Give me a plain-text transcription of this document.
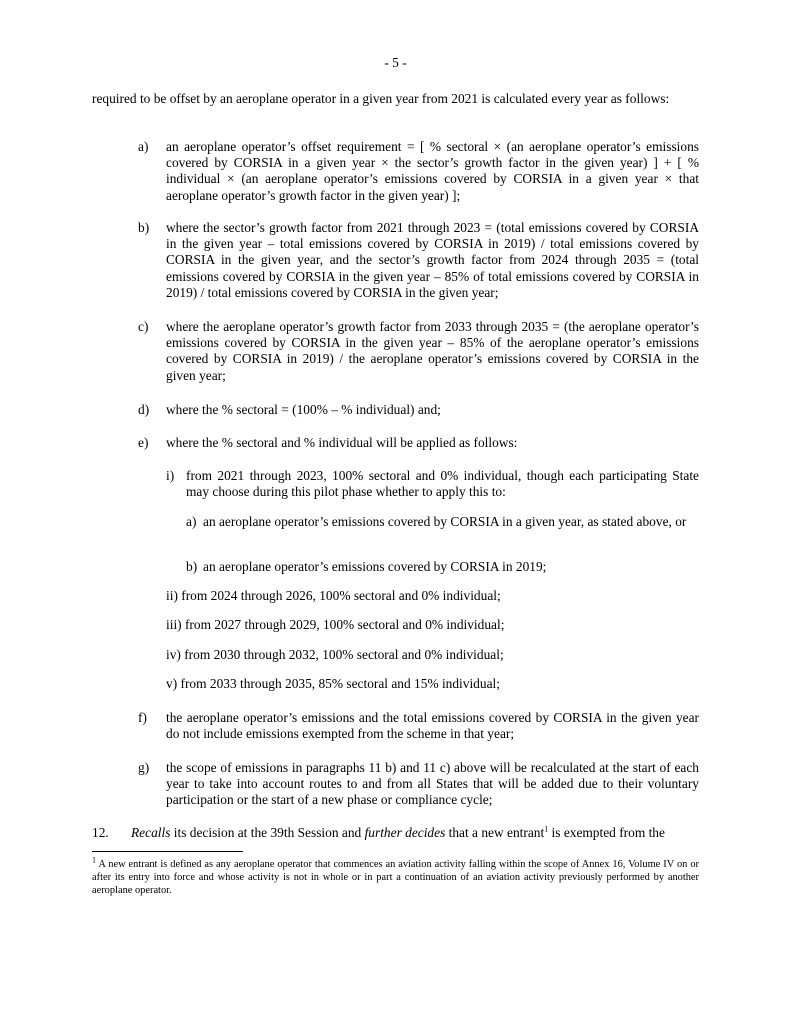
- 5 -
required to be offset by an aeroplane operator in a given year from 2021 is calculated every year as follows:
a) an aeroplane operator’s offset requirement = [ % sectoral × (an aeroplane operator’s emissions covered by CORSIA in a given year × the sector’s growth factor in the given year) ] + [ % individual × (an aeroplane operator’s emissions covered by CORSIA in a given year × that aeroplane operator’s growth factor in the given year) ];
b) where the sector’s growth factor from 2021 through 2023 = (total emissions covered by CORSIA in the given year – total emissions covered by CORSIA in 2019) / total emissions covered by CORSIA in the given year, and the sector’s growth factor from 2024 through 2035 = (total emissions covered by CORSIA in the given year – 85% of total emissions covered by CORSIA in 2019) / total emissions covered by CORSIA in the given year;
c) where the aeroplane operator’s growth factor from 2033 through 2035 = (the aeroplane operator’s emissions covered by CORSIA in the given year – 85% of the aeroplane operator’s emissions covered by CORSIA in 2019) / the aeroplane operator’s emissions covered by CORSIA in the given year;
d) where the % sectoral = (100% – % individual) and;
e) where the % sectoral and % individual will be applied as follows:
i) from 2021 through 2023, 100% sectoral and 0% individual, though each participating State may choose during this pilot phase whether to apply this to:
a) an aeroplane operator’s emissions covered by CORSIA in a given year, as stated above, or
b) an aeroplane operator’s emissions covered by CORSIA in 2019;
ii) from 2024 through 2026, 100% sectoral and 0% individual;
iii) from 2027 through 2029, 100% sectoral and 0% individual;
iv) from 2030 through 2032, 100% sectoral and 0% individual;
v) from 2033 through 2035, 85% sectoral and 15% individual;
f) the aeroplane operator’s emissions and the total emissions covered by CORSIA in the given year do not include emissions exempted from the scheme in that year;
g) the scope of emissions in paragraphs 11 b) and 11 c) above will be recalculated at the start of each year to take into account routes to and from all States that will be added due to their voluntary participation or the start of a new phase or compliance cycle;
12. Recalls its decision at the 39th Session and further decides that a new entrant$^1$ is exempted from the
$^1$ A new entrant is defined as any aeroplane operator that commences an aviation activity falling within the scope of Annex 16, Volume IV on or after its entry into force and whose activity is not in whole or in part a continuation of an aviation activity previously performed by another aeroplane operator.
